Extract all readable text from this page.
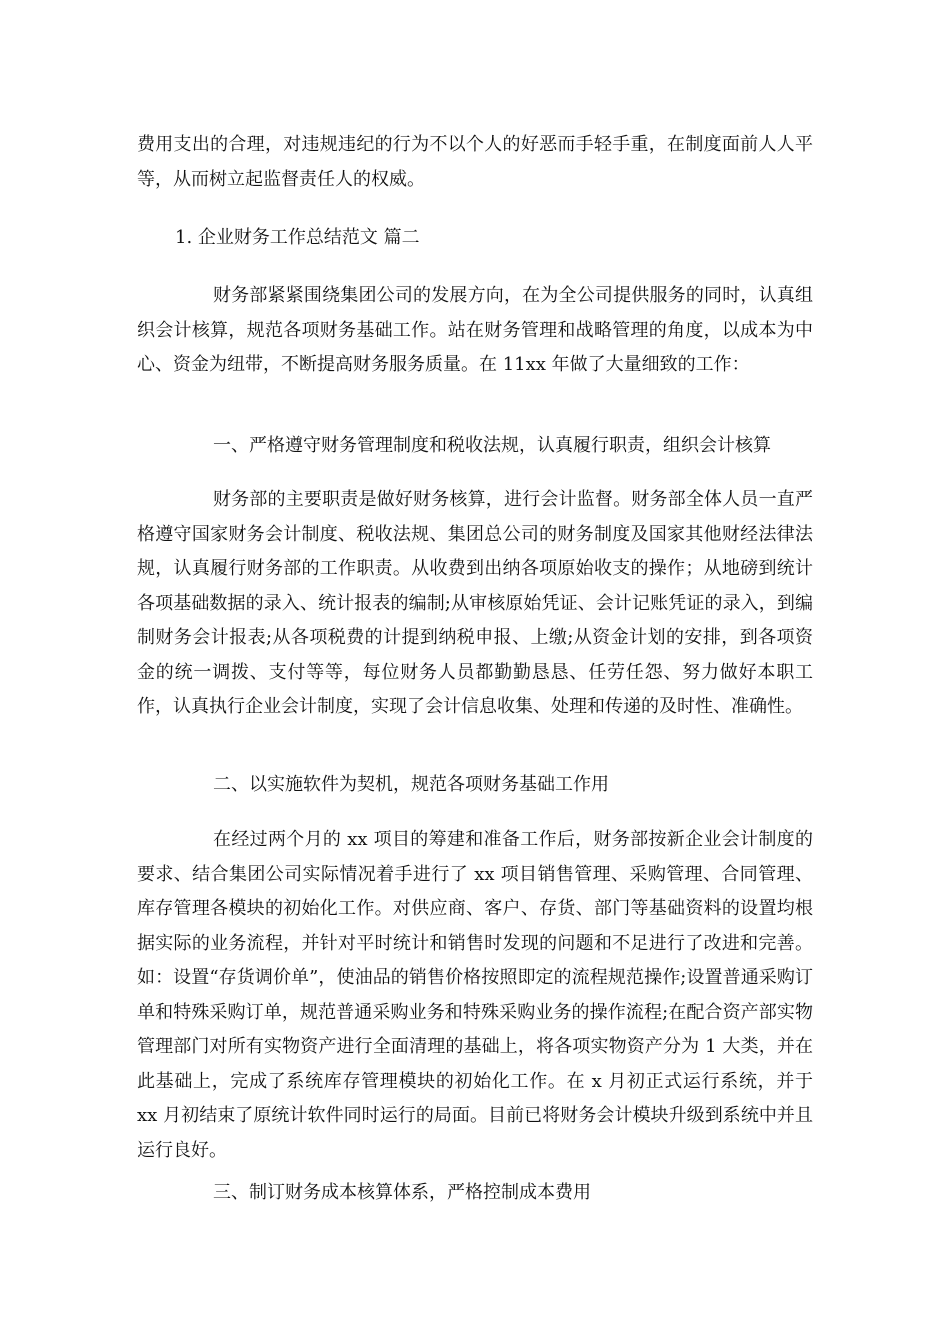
费用支出的合理，对违规违纪的行为不以个人的好恶而手轻手重，在制度面前人人平等，从而树立起监督责任人的权威。

1. 企业财务工作总结范文 篇二

财务部紧紧围绕集团公司的发展方向，在为全公司提供服务的同时，认真组织会计核算，规范各项财务基础工作。站在财务管理和战略管理的角度，以成本为中心、资金为纽带，不断提高财务服务质量。在 11xx 年做了大量细致的工作：

一、严格遵守财务管理制度和税收法规，认真履行职责，组织会计核算

财务部的主要职责是做好财务核算，进行会计监督。财务部全体人员一直严格遵守国家财务会计制度、税收法规、集团总公司的财务制度及国家其他财经法律法规，认真履行财务部的工作职责。从收费到出纳各项原始收支的操作；从地磅到统计各项基础数据的录入、统计报表的编制;从审核原始凭证、会计记账凭证的录入，到编制财务会计报表;从各项税费的计提到纳税申报、上缴;从资金计划的安排，到各项资金的统一调拨、支付等等，每位财务人员都勤勤恳恳、任劳任怨、努力做好本职工作，认真执行企业会计制度，实现了会计信息收集、处理和传递的及时性、准确性。

二、以实施软件为契机，规范各项财务基础工作用

在经过两个月的 xx 项目的筹建和准备工作后，财务部按新企业会计制度的要求、结合集团公司实际情况着手进行了 xx 项目销售管理、采购管理、合同管理、库存管理各模块的初始化工作。对供应商、客户、存货、部门等基础资料的设置均根据实际的业务流程，并针对平时统计和销售时发现的问题和不足进行了改进和完善。如：设置“存货调价单”，使油品的销售价格按照即定的流程规范操作;设置普通采购订单和特殊采购订单，规范普通采购业务和特殊采购业务的操作流程;在配合资产部实物管理部门对所有实物资产进行全面清理的基础上，将各项实物资产分为 1 大类，并在此基础上，完成了系统库存管理模块的初始化工作。在 x 月初正式运行系统，并于 xx 月初结束了原统计软件同时运行的局面。目前已将财务会计模块升级到系统中并且运行良好。

三、制订财务成本核算体系，严格控制成本费用
